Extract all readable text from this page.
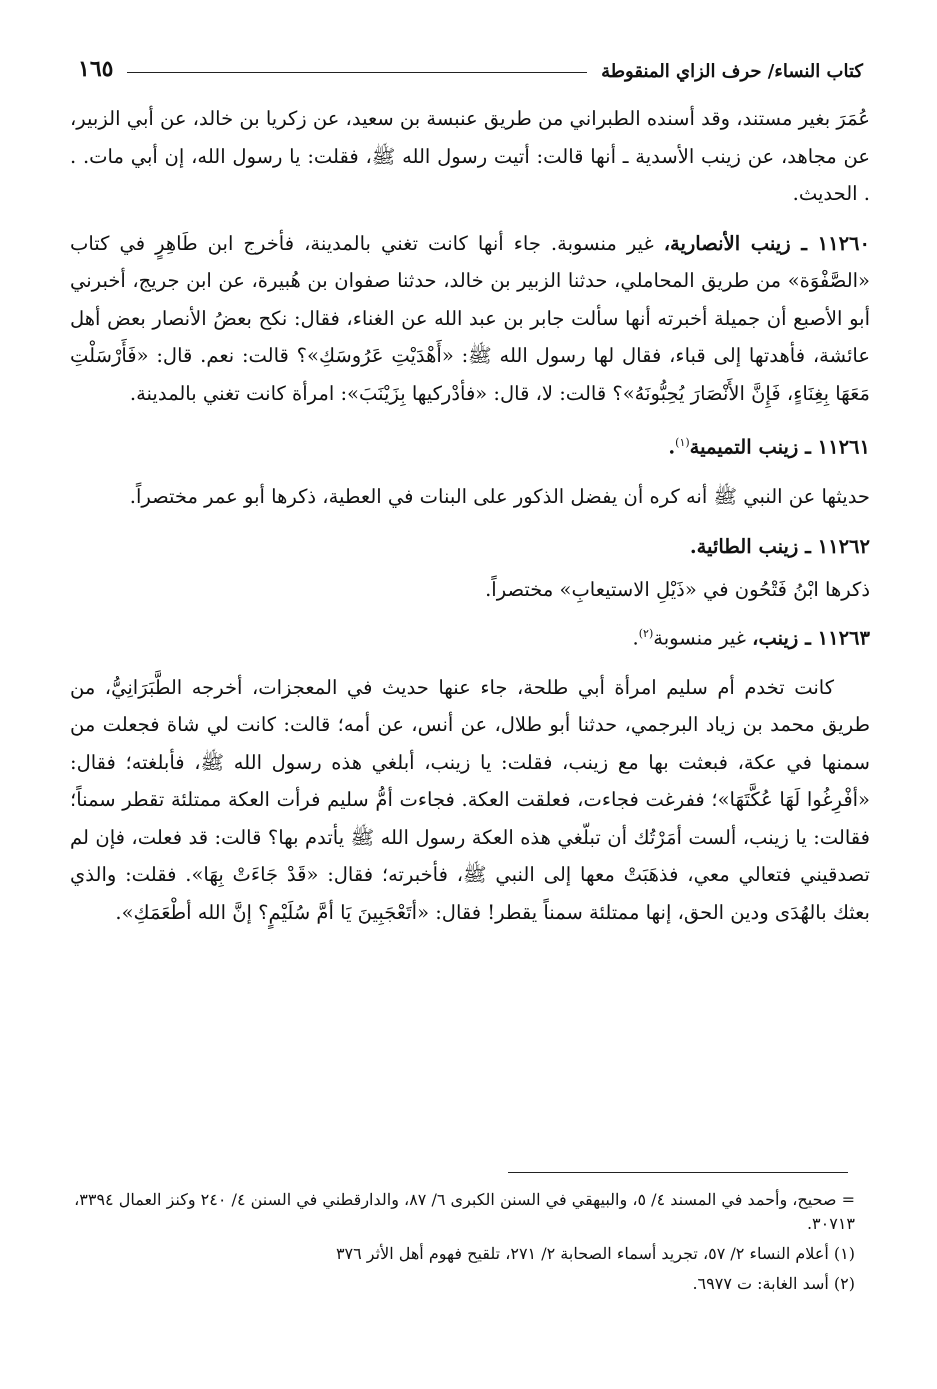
كتاب النساء/ حرف الزاي المنقوطة
١٦٥

عُمَرَ بغير مستند، وقد أسنده الطبراني من طريق عنبسة بن سعيد، عن زكريا بن خالد، عن أبي الزبير، عن مجاهد، عن زينب الأسدية ـ أنها قالت: أتيت رسول الله ﷺ، فقلت: يا رسول الله، إن أبي مات. . . الحديث.

١١٢٦٠ ـ زينب الأنصارية، غير منسوبة. جاء أنها كانت تغني بالمدينة، فأخرج ابن طَاهِرٍ في كتاب «الصَّفْوَة» من طريق المحاملي، حدثنا الزبير بن خالد، حدثنا صفوان بن هُبيرة، عن ابن جريج، أخبرني أبو الأصبع أن جميلة أخبرته أنها سألت جابر بن عبد الله عن الغناء، فقال: نكح بعضُ الأنصار بعض أهل عائشة، فأهدتها إلى قباء، فقال لها رسول الله ﷺ: «أَهْدَيْتِ عَرُوسَكِ»؟ قالت: نعم. قال: «فَأَرْسَلْتِ مَعَهَا بِغِنَاءٍ، فَإِنَّ الأَنْصَارَ يُحِبُّونَهُ»؟ قالت: لا، قال: «فأدْركيها بِزَيْنَبَ»: امرأة كانت تغني بالمدينة.

١١٢٦١ ـ زينب التميمية$^{(١)}$.

حديثها عن النبي ﷺ أنه كره أن يفضل الذكور على البنات في العطية، ذكرها أبو عمر مختصراً.

١١٢٦٢ ـ زينب الطائية.

ذكرها ابْنُ فَتْحُون في «ذَيْلِ الاستيعابِ» مختصراً.

١١٢٦٣ ـ زينب، غير منسوبة$^{(٢)}$.

كانت تخدم أم سليم امرأة أبي طلحة، جاء عنها حديث في المعجزات، أخرجه الطَّبَرَانِيُّ، من طريق محمد بن زياد البرجمي، حدثنا أبو طلال، عن أنس، عن أمه؛ قالت: كانت لي شاة فجعلت من سمنها في عكة، فبعثت بها مع زينب، فقلت: يا زينب، أبلغي هذه رسول الله ﷺ، فأبلغته؛ فقال: «أفْرِغُوا لَهَا عُكَّتَهَا»؛ ففرغت فجاءت، فعلقت العكة. فجاءت أمُّ سليم فرأت العكة ممتلئة تقطر سمناً؛ فقالت: يا زينب، ألست أمَرْتُك أن تبلّغي هذه العكة رسول الله ﷺ يأتدم بها؟ قالت: قد فعلت، فإن لم تصدقيني فتعالي معي، فذهَبَتْ معها إلى النبي ﷺ، فأخبرته؛ فقال: «قَدْ جَاءَتْ بِهَا». فقلت: والذي بعثك بالهُدَى ودين الحق، إنها ممتلئة سمناً يقطر! فقال: «أتَعْجَبِينَ يَا أمَّ سُلَيْمٍ؟ إنَّ الله أطْعَمَكِ».

= صحيح، وأحمد في المسند ٤/ ٥، والبيهقي في السنن الكبرى ٦/ ٨٧، والدارقطني في السنن ٤/ ٢٤٠ وكنز العمال ٣٣٩٤، ٣٠٧١٣.

(١) أعلام النساء ٢/ ٥٧، تجريد أسماء الصحابة ٢/ ٢٧١، تلقيح فهوم أهل الأثر ٣٧٦

(٢) أسد الغابة: ت ٦٩٧٧.
